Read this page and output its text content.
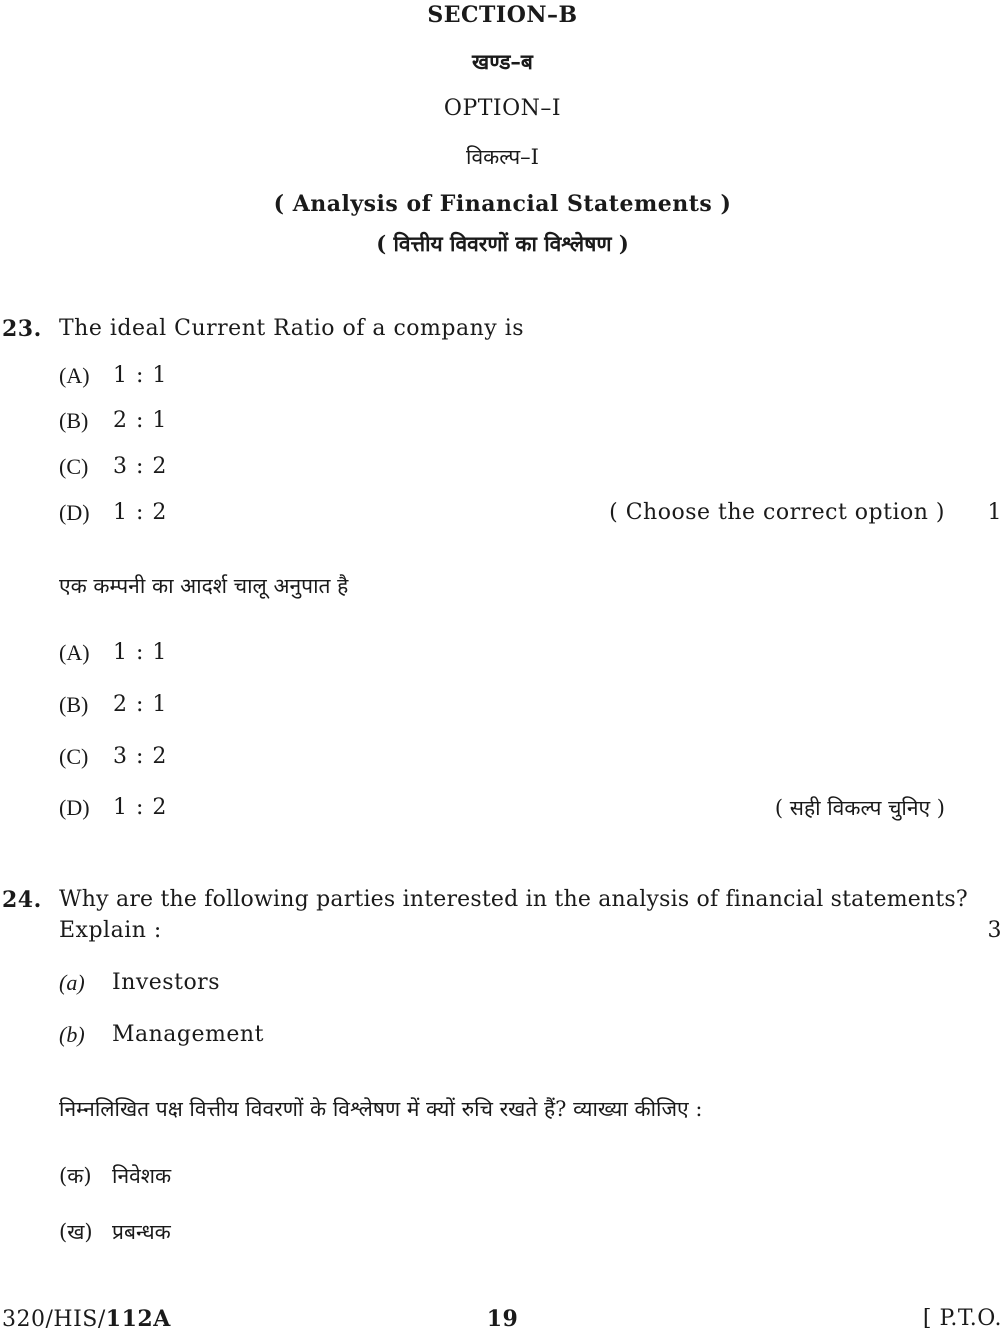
SECTION–B
खण्ड–ब
OPTION–I
विकल्प–I
( Analysis of Financial Statements )
( वित्तीय विवरणों का विश्लेषण )
23. The ideal Current Ratio of a company is
(A) 1 : 1
(B) 2 : 1
(C) 3 : 2
(D) 1 : 2	( Choose the correct option ) 1
एक कम्पनी का आदर्श चालू अनुपात है
(A) 1 : 1
(B) 2 : 1
(C) 3 : 2
(D) 1 : 2	( सही विकल्प चुनिए )
24. Why are the following parties interested in the analysis of financial statements?
Explain :	3
(a) Investors
(b) Management
निम्नलिखित पक्ष वित्तीय विवरणों के विश्लेषण में क्यों रुचि रखते हैं? व्याख्या कीजिए :
(क) निवेशक
(ख) प्रबन्धक
320/HIS/112A	19	[ P.T.O.
